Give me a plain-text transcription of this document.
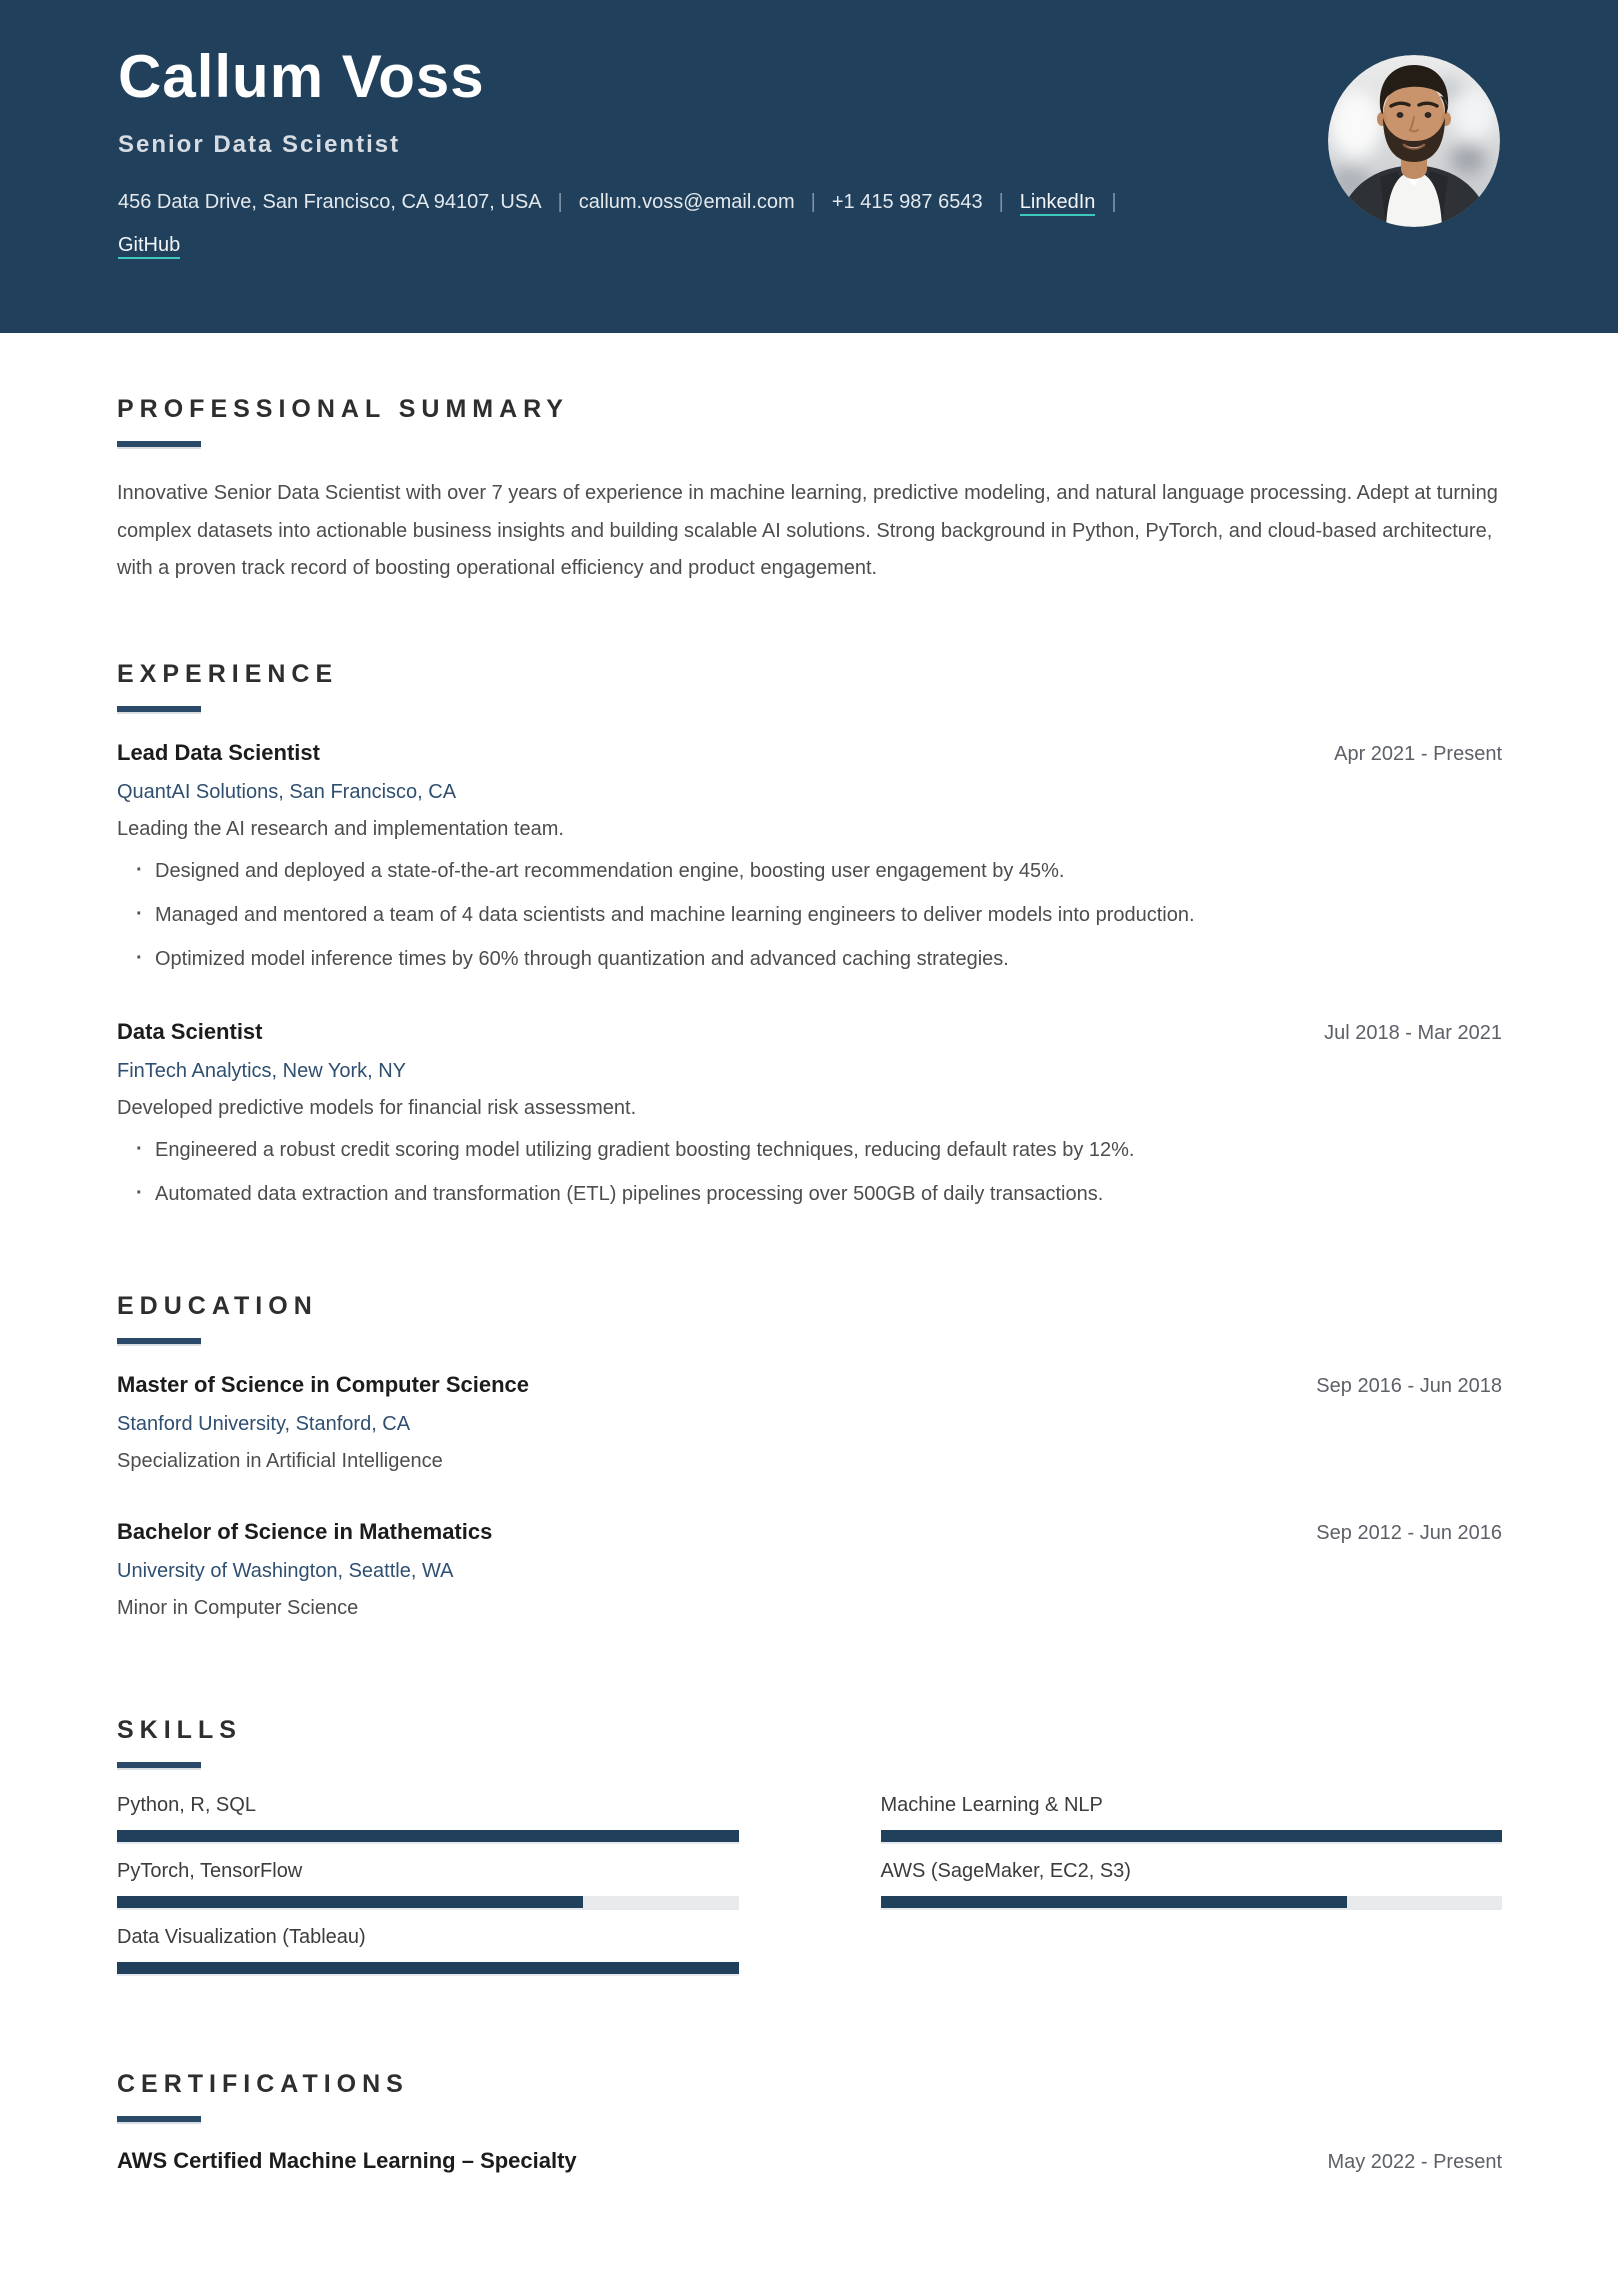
Callum Voss
Senior Data Scientist
456 Data Drive, San Francisco, CA 94107, USA | callum.voss@email.com | +1 415 987 6543 | LinkedIn |
GitHub
PROFESSIONAL SUMMARY
Innovative Senior Data Scientist with over 7 years of experience in machine learning, predictive modeling, and natural language processing. Adept at turning complex datasets into actionable business insights and building scalable AI solutions. Strong background in Python, PyTorch, and cloud-based architecture, with a proven track record of boosting operational efficiency and product engagement.
EXPERIENCE
Lead Data Scientist	Apr 2021 - Present
QuantAI Solutions, San Francisco, CA
Leading the AI research and implementation team.
· Designed and deployed a state-of-the-art recommendation engine, boosting user engagement by 45%.
· Managed and mentored a team of 4 data scientists and machine learning engineers to deliver models into production.
· Optimized model inference times by 60% through quantization and advanced caching strategies.
Data Scientist	Jul 2018 - Mar 2021
FinTech Analytics, New York, NY
Developed predictive models for financial risk assessment.
· Engineered a robust credit scoring model utilizing gradient boosting techniques, reducing default rates by 12%.
· Automated data extraction and transformation (ETL) pipelines processing over 500GB of daily transactions.
EDUCATION
Master of Science in Computer Science	Sep 2016 - Jun 2018
Stanford University, Stanford, CA
Specialization in Artificial Intelligence
Bachelor of Science in Mathematics	Sep 2012 - Jun 2016
University of Washington, Seattle, WA
Minor in Computer Science
SKILLS
Python, R, SQL	Machine Learning & NLP
PyTorch, TensorFlow	AWS (SageMaker, EC2, S3)
Data Visualization (Tableau)
CERTIFICATIONS
AWS Certified Machine Learning – Specialty	May 2022 - Present
